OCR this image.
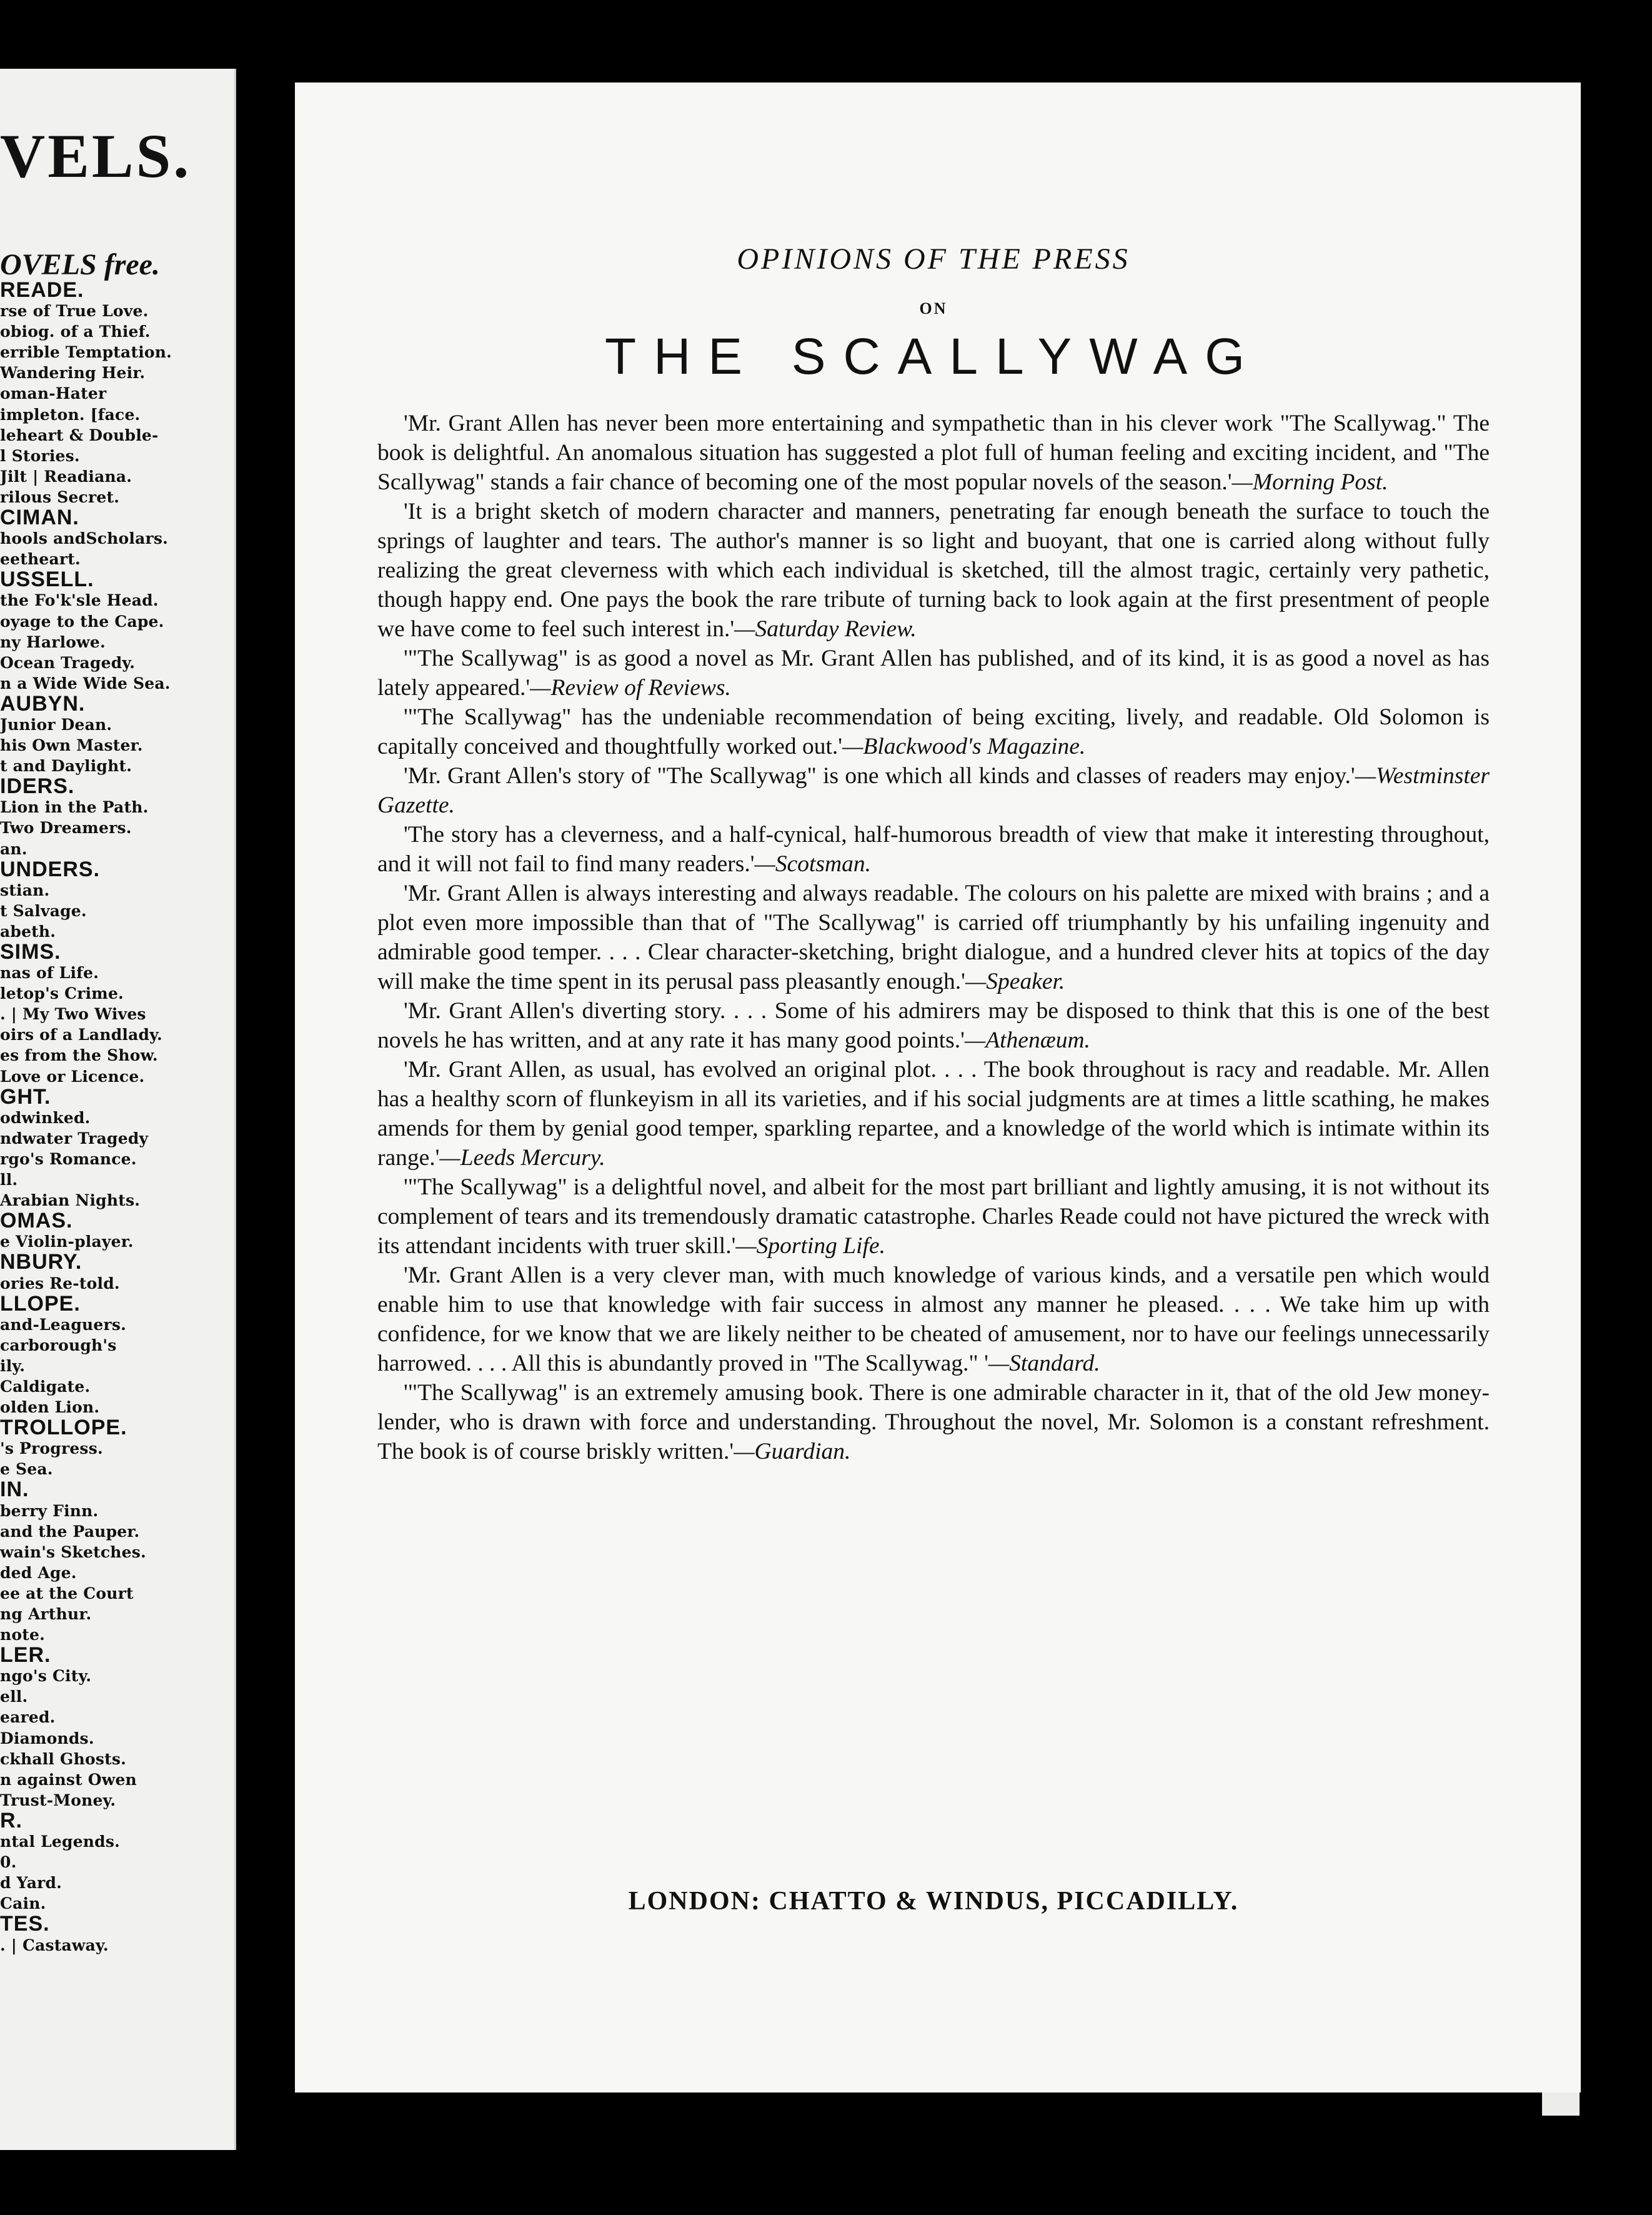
VELS.
OVELS free.
READE.
rse of True Love.
obiog. of a Thief.
errible Temptation.
Wandering Heir.
oman-Hater
impleton. [face.
leheart & Double-
l Stories.
Jilt | Readiana.
rilous Secret.
CIMAN.
hools andScholars.
eetheart.
USSELL.
the Fo'k'sle Head.
oyage to the Cape.
ny Harlowe.
Ocean Tragedy.
n a Wide Wide Sea.
AUBYN.
Junior Dean.
his Own Master.
t and Daylight.
IDERS.
Lion in the Path.
Two Dreamers.
an.
UNDERS.
stian.
t Salvage.
abeth.
SIMS.
nas of Life.
letop's Crime.
. | My Two Wives
oirs of a Landlady.
es from the Show.
Love or Licence.
GHT.
odwinked.
ndwater Tragedy
rgo's Romance.
ll.
Arabian Nights.
OMAS.
e Violin-player.
NBURY.
ories Re-told.
LLOPE.
and-Leaguers.
carborough's
ily.
Caldigate.
olden Lion.
TROLLOPE.
's Progress.
e Sea.
IN.
berry Finn.
and the Pauper.
wain's Sketches.
ded Age.
ee at the Court
ng Arthur.
note.
LER.
ngo's City.
ell.
eared.
Diamonds.
ckhall Ghosts.
n against Owen
Trust-Money.
R.
ntal Legends.
0.
d Yard.
Cain.
TES.
. | Castaway.
OPINIONS OF THE PRESS
ON
THE SCALLYWAG

'Mr. Grant Allen has never been more entertaining and sympathetic than in his clever work "The Scallywag." The book is delightful. An anomalous situation has suggested a plot full of human feeling and exciting incident, and "The Scallywag" stands a fair chance of becoming one of the most popular novels of the season.'—Morning Post.

'It is a bright sketch of modern character and manners, penetrating far enough beneath the surface to touch the springs of laughter and tears. The author's manner is so light and buoyant, that one is carried along without fully realizing the great cleverness with which each individual is sketched, till the almost tragic, certainly very pathetic, though happy end. One pays the book the rare tribute of turning back to look again at the first presentment of people we have come to feel such interest in.'—Saturday Review.

'"The Scallywag" is as good a novel as Mr. Grant Allen has published, and of its kind, it is as good a novel as has lately appeared.'—Review of Reviews.

'"The Scallywag" has the undeniable recommendation of being exciting, lively, and readable. Old Solomon is capitally conceived and thoughtfully worked out.'—Blackwood's Magazine.

'Mr. Grant Allen's story of "The Scallywag" is one which all kinds and classes of readers may enjoy.'—Westminster Gazette.

'The story has a cleverness, and a half-cynical, half-humorous breadth of view that make it interesting throughout, and it will not fail to find many readers.'—Scotsman.

'Mr. Grant Allen is always interesting and always readable. The colours on his palette are mixed with brains ; and a plot even more impossible than that of "The Scallywag" is carried off triumphantly by his unfailing ingenuity and admirable good temper. . . . Clear character-sketching, bright dialogue, and a hundred clever hits at topics of the day will make the time spent in its perusal pass pleasantly enough.'—Speaker.

'Mr. Grant Allen's diverting story. . . . Some of his admirers may be disposed to think that this is one of the best novels he has written, and at any rate it has many good points.'—Athenæum.

'Mr. Grant Allen, as usual, has evolved an original plot. . . . The book throughout is racy and readable. Mr. Allen has a healthy scorn of flunkeyism in all its varieties, and if his social judgments are at times a little scathing, he makes amends for them by genial good temper, sparkling repartee, and a knowledge of the world which is intimate within its range.'—Leeds Mercury.

'"The Scallywag" is a delightful novel, and albeit for the most part brilliant and lightly amusing, it is not without its complement of tears and its tremendously dramatic catastrophe. Charles Reade could not have pictured the wreck with its attendant incidents with truer skill.'—Sporting Life.

'Mr. Grant Allen is a very clever man, with much knowledge of various kinds, and a versatile pen which would enable him to use that knowledge with fair success in almost any manner he pleased. . . . We take him up with confidence, for we know that we are likely neither to be cheated of amusement, nor to have our feelings unnecessarily harrowed. . . . All this is abundantly proved in "The Scallywag." '—Standard.

'"The Scallywag" is an extremely amusing book. There is one admirable character in it, that of the old Jew money-lender, who is drawn with force and understanding. Throughout the novel, Mr. Solomon is a constant refreshment. The book is of course briskly written.'—Guardian.

LONDON: CHATTO & WINDUS, PICCADILLY.
